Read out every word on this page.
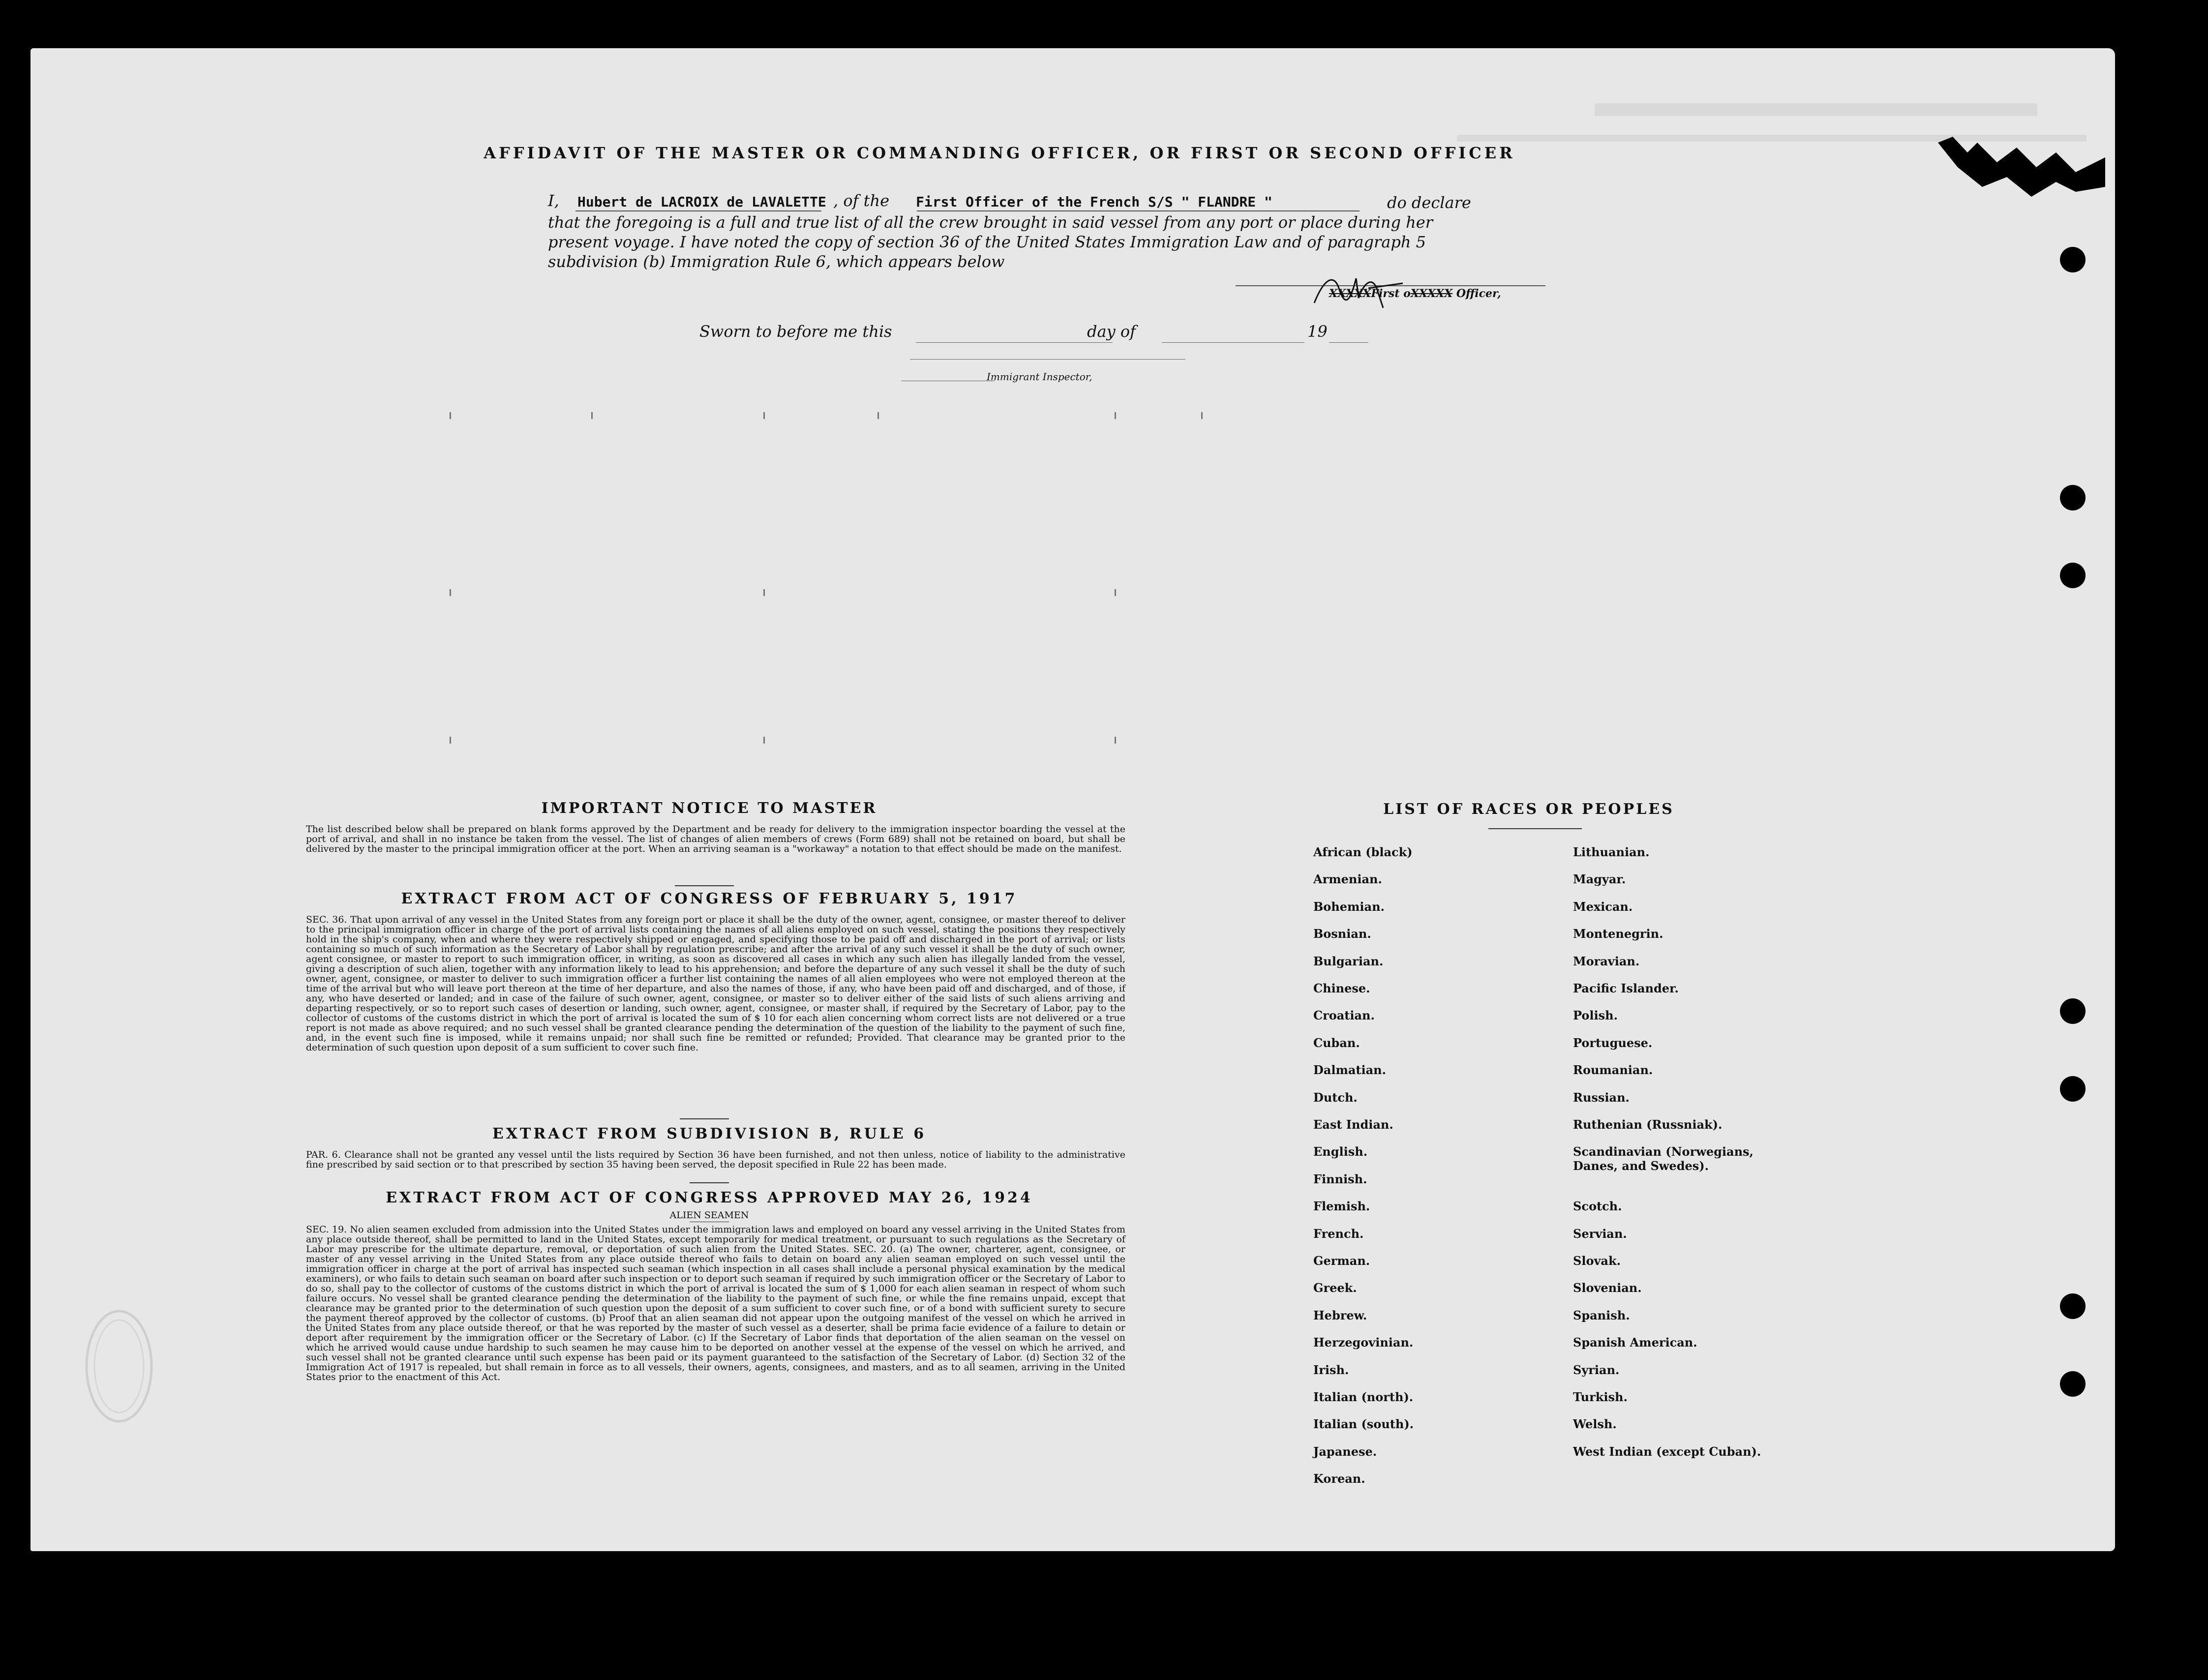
AFFIDAVIT OF THE MASTER OR COMMANDING OFFICER, OR FIRST OR SECOND OFFICER
I, Hubert de LACROIX de LAVALETTE , of the First Officer of the French S/S " FLANDRE "	do declare
that the foregoing is a full and true list of all the crew brought in said vessel from any port or place during her
present voyage. I have noted the copy of section 36 of the United States Immigration Law and of paragraph 5
subdivision (b) Immigration Rule 6, which appears below
XXXXXFirst oXXXXX Officer,
Sworn to before me this	day of	19
Immigrant Inspector,
IMPORTANT NOTICE TO MASTER
The list described below shall be prepared on blank forms approved by the Department and be ready for delivery to the immigration inspector boarding the vessel at the port of arrival, and shall in no instance be taken from the vessel. The list of changes of alien members of crews (Form 689) shall not be retained on board, but shall be delivered by the master to the principal immigration officer at the port. When an arriving seaman is a "workaway" a notation to that effect should be made on the manifest.
EXTRACT FROM ACT OF CONGRESS OF FEBRUARY 5, 1917
SEC. 36. That upon arrival of any vessel in the United States from any foreign port or place it shall be the duty of the owner, agent, consignee, or master thereof to deliver to the principal immigration officer in charge of the port of arrival lists containing the names of all aliens employed on such vessel, stating the positions they respectively hold in the ship's company, when and where they were respectively shipped or engaged, and specifying those to be paid off and discharged in the port of arrival; or lists containing so much of such information as the Secretary of Labor shall by regulation prescribe; and after the arrival of any such vessel it shall be the duty of such owner, agent consignee, or master to report to such immigration officer, in writing, as soon as discovered all cases in which any such alien has illegally landed from the vessel, giving a description of such alien, together with any information likely to lead to his apprehension; and before the departure of any such vessel it shall be the duty of such owner, agent, consignee, or master to deliver to such immigration officer a further list containing the names of all alien employees who were not employed thereon at the time of the arrival but who will leave port thereon at the time of her departure, and also the names of those, if any, who have been paid off and discharged, and of those, if any, who have deserted or landed; and in case of the failure of such owner, agent, consignee, or master so to deliver either of the said lists of such aliens arriving and departing respectively, or so to report such cases of desertion or landing, such owner, agent, consignee, or master shall, if required by the Secretary of Labor, pay to the collector of customs of the customs district in which the port of arrival is located the sum of $ 10 for each alien concerning whom correct lists are not delivered or a true report is not made as above required; and no such vessel shall be granted clearance pending the determination of the question of the liability to the payment of such fine, and, in the event such fine is imposed, while it remains unpaid; nor shall such fine be remitted or refunded; Provided. That clearance may be granted prior to the determination of such question upon deposit of a sum sufficient to cover such fine.
EXTRACT FROM SUBDIVISION B, RULE 6
PAR. 6. Clearance shall not be granted any vessel until the lists required by Section 36 have been furnished, and not then unless, notice of liability to the administrative fine prescribed by said section or to that prescribed by section 35 having been served, the deposit specified in Rule 22 has been made.
EXTRACT FROM ACT OF CONGRESS APPROVED MAY 26, 1924
ALIEN SEAMEN
SEC. 19. No alien seamen excluded from admission into the United States under the immigration laws and employed on board any vessel arriving in the United States from any place outside thereof, shall be permitted to land in the United States, except temporarily for medical treatment, or pursuant to such regulations as the Secretary of Labor may prescribe for the ultimate departure, removal, or deportation of such alien from the United States. SEC. 20. (a) The owner, charterer, agent, consignee, or master of any vessel arriving in the United States from any place outside thereof who fails to detain on board any alien seaman employed on such vessel until the immigration officer in charge at the port of arrival has inspected such seaman (which inspection in all cases shall include a personal physical examination by the medical examiners), or who fails to detain such seaman on board after such inspection or to deport such seaman if required by such immigration officer or the Secretary of Labor to do so, shall pay to the collector of customs of the customs district in which the port of arrival is located the sum of $ 1,000 for each alien seaman in respect of whom such failure occurs. No vessel shall be granted clearance pending the determination of the liability to the payment of such fine, or while the fine remains unpaid, except that clearance may be granted prior to the determination of such question upon the deposit of a sum sufficient to cover such fine, or of a bond with sufficient surety to secure the payment thereof approved by the collector of customs. (b) Proof that an alien seaman did not appear upon the outgoing manifest of the vessel on which he arrived in the United States from any place outside thereof, or that he was reported by the master of such vessel as a deserter, shall be prima facie evidence of a failure to detain or deport after requirement by the immigration officer or the Secretary of Labor. (c) If the Secretary of Labor finds that deportation of the alien seaman on the vessel on which he arrived would cause undue hardship to such seamen he may cause him to be deported on another vessel at the expense of the vessel on which he arrived, and such vessel shall not be granted clearance until such expense has been paid or its payment guaranteed to the satisfaction of the Secretary of Labor. (d) Section 32 of the Immigration Act of 1917 is repealed, but shall remain in force as to all vessels, their owners, agents, consignees, and masters, and as to all seamen, arriving in the United States prior to the enactment of this Act.
LIST OF RACES OR PEOPLES
African (black)
Armenian.
Bohemian.
Bosnian.
Bulgarian.
Chinese.
Croatian.
Cuban.
Dalmatian.
Dutch.
East Indian.
English.
Finnish.
Flemish.
French.
German.
Greek.
Hebrew.
Herzegovinian.
Irish.
Italian (north).
Italian (south).
Japanese.
Korean.
Lithuanian.
Magyar.
Mexican.
Montenegrin.
Moravian.
Pacific Islander.
Polish.
Portuguese.
Roumanian.
Russian.
Ruthenian (Russniak).
Scandinavian (Norwegians, Danes, and Swedes).
Scotch.
Servian.
Slovak.
Slovenian.
Spanish.
Spanish American.
Syrian.
Turkish.
Welsh.
West Indian (except Cuban).
